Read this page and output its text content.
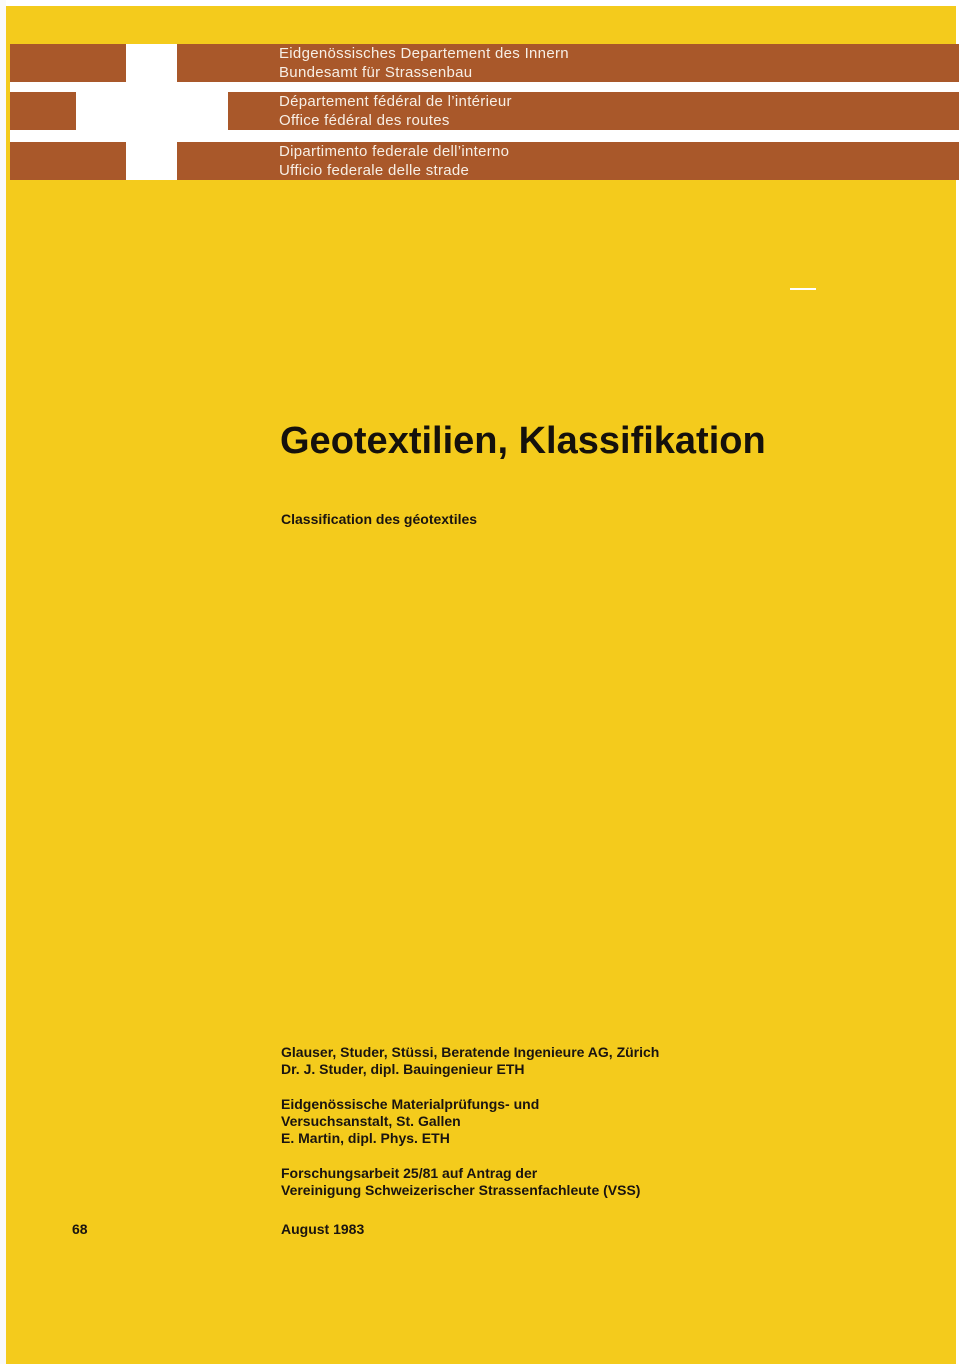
Eidgenössisches Departement des Innern
Bundesamt für Strassenbau
Département fédéral de l’intérieur
Office fédéral des routes
Dipartimento federale dell’interno
Ufficio federale delle strade
Geotextilien, Klassifikation
Classification des géotextiles
Glauser, Studer, Stüssi, Beratende Ingenieure AG, Zürich
Dr. J. Studer, dipl. Bauingenieur ETH
Eidgenössische Materialprüfungs- und
Versuchsanstalt, St. Gallen
E. Martin, dipl. Phys. ETH
Forschungsarbeit 25/81 auf Antrag der
Vereinigung Schweizerischer Strassenfachleute (VSS)
68	August 1983
